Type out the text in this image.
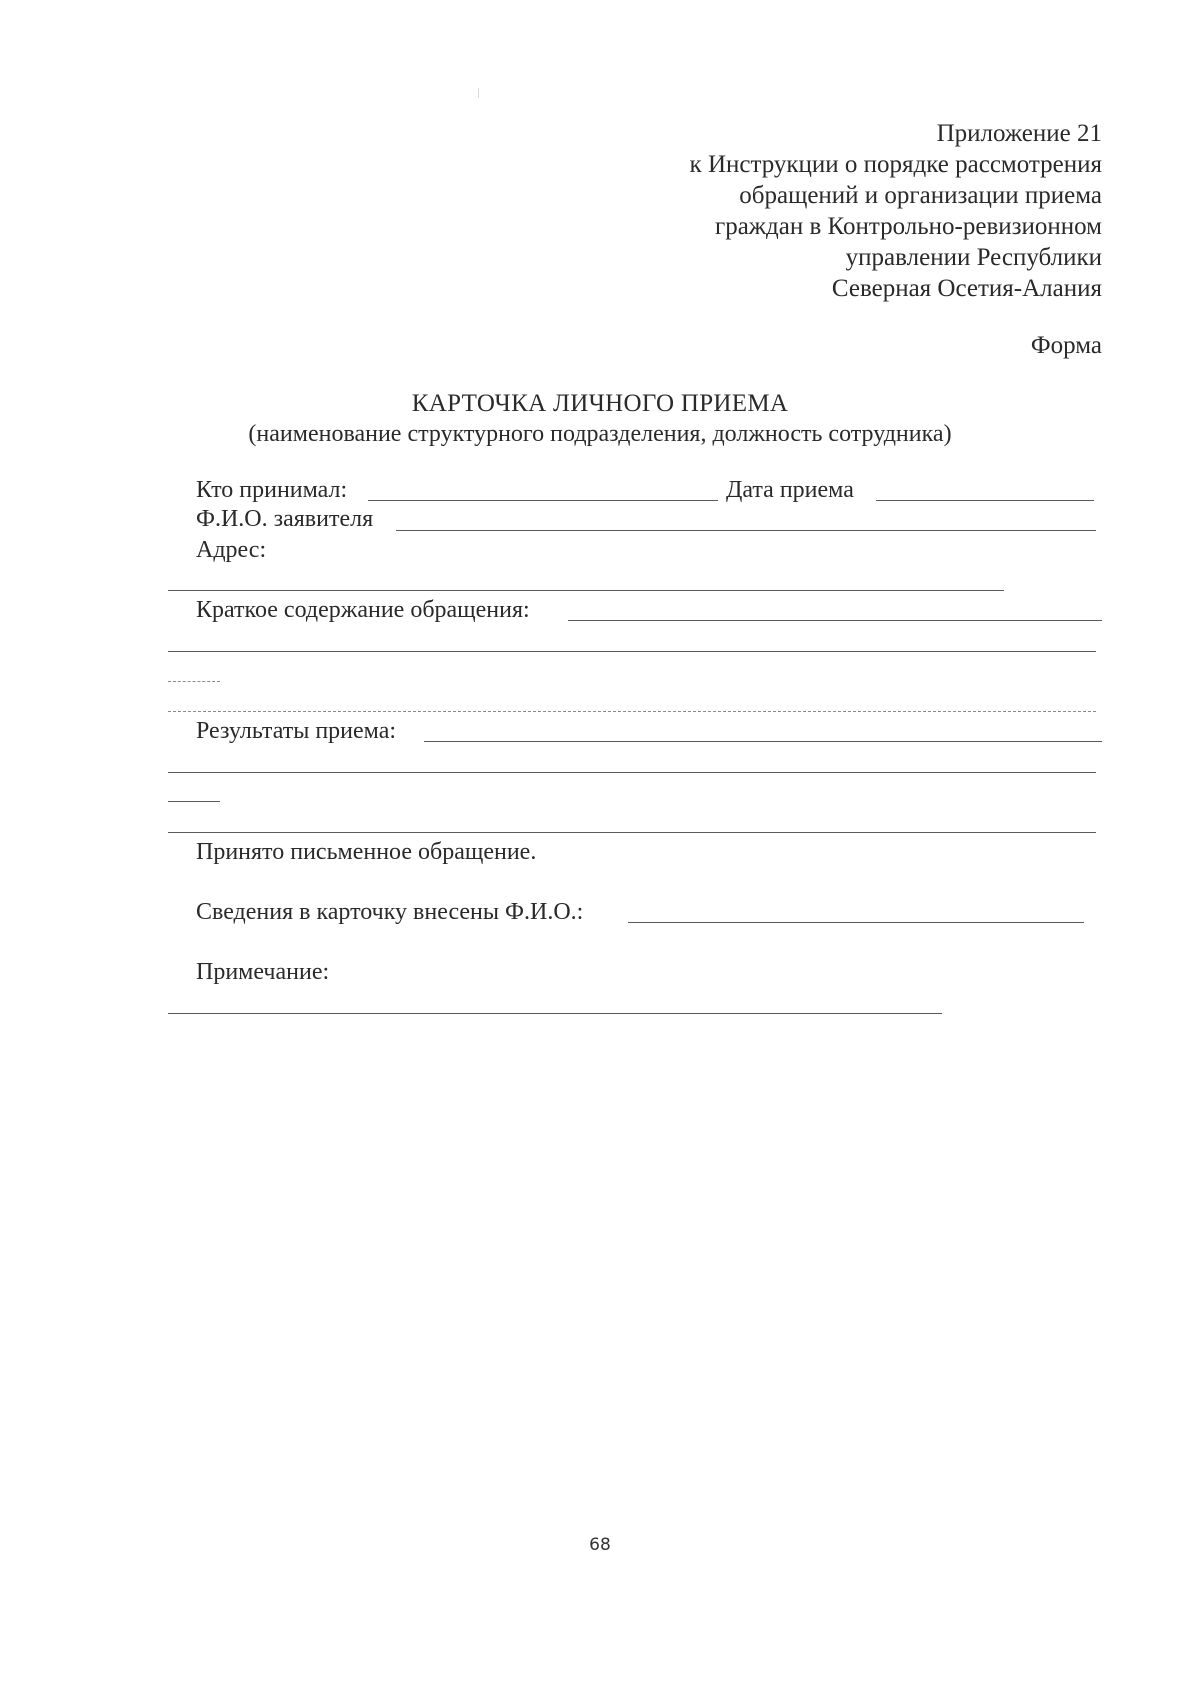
Приложение 21
к Инструкции о порядке рассмотрения
обращений и организации приема
граждан в Контрольно-ревизионном
управлении Республики
Северная Осетия-Алания
Форма
КАРТОЧКА ЛИЧНОГО ПРИЕМА
(наименование структурного подразделения, должность сотрудника)
Кто принимал:	Дата приема
Ф.И.О. заявителя
Адрес:
Краткое содержание обращения:
Результаты приема:
Принято письменное обращение.
Сведения в карточку внесены Ф.И.О.:
Примечание:
68
